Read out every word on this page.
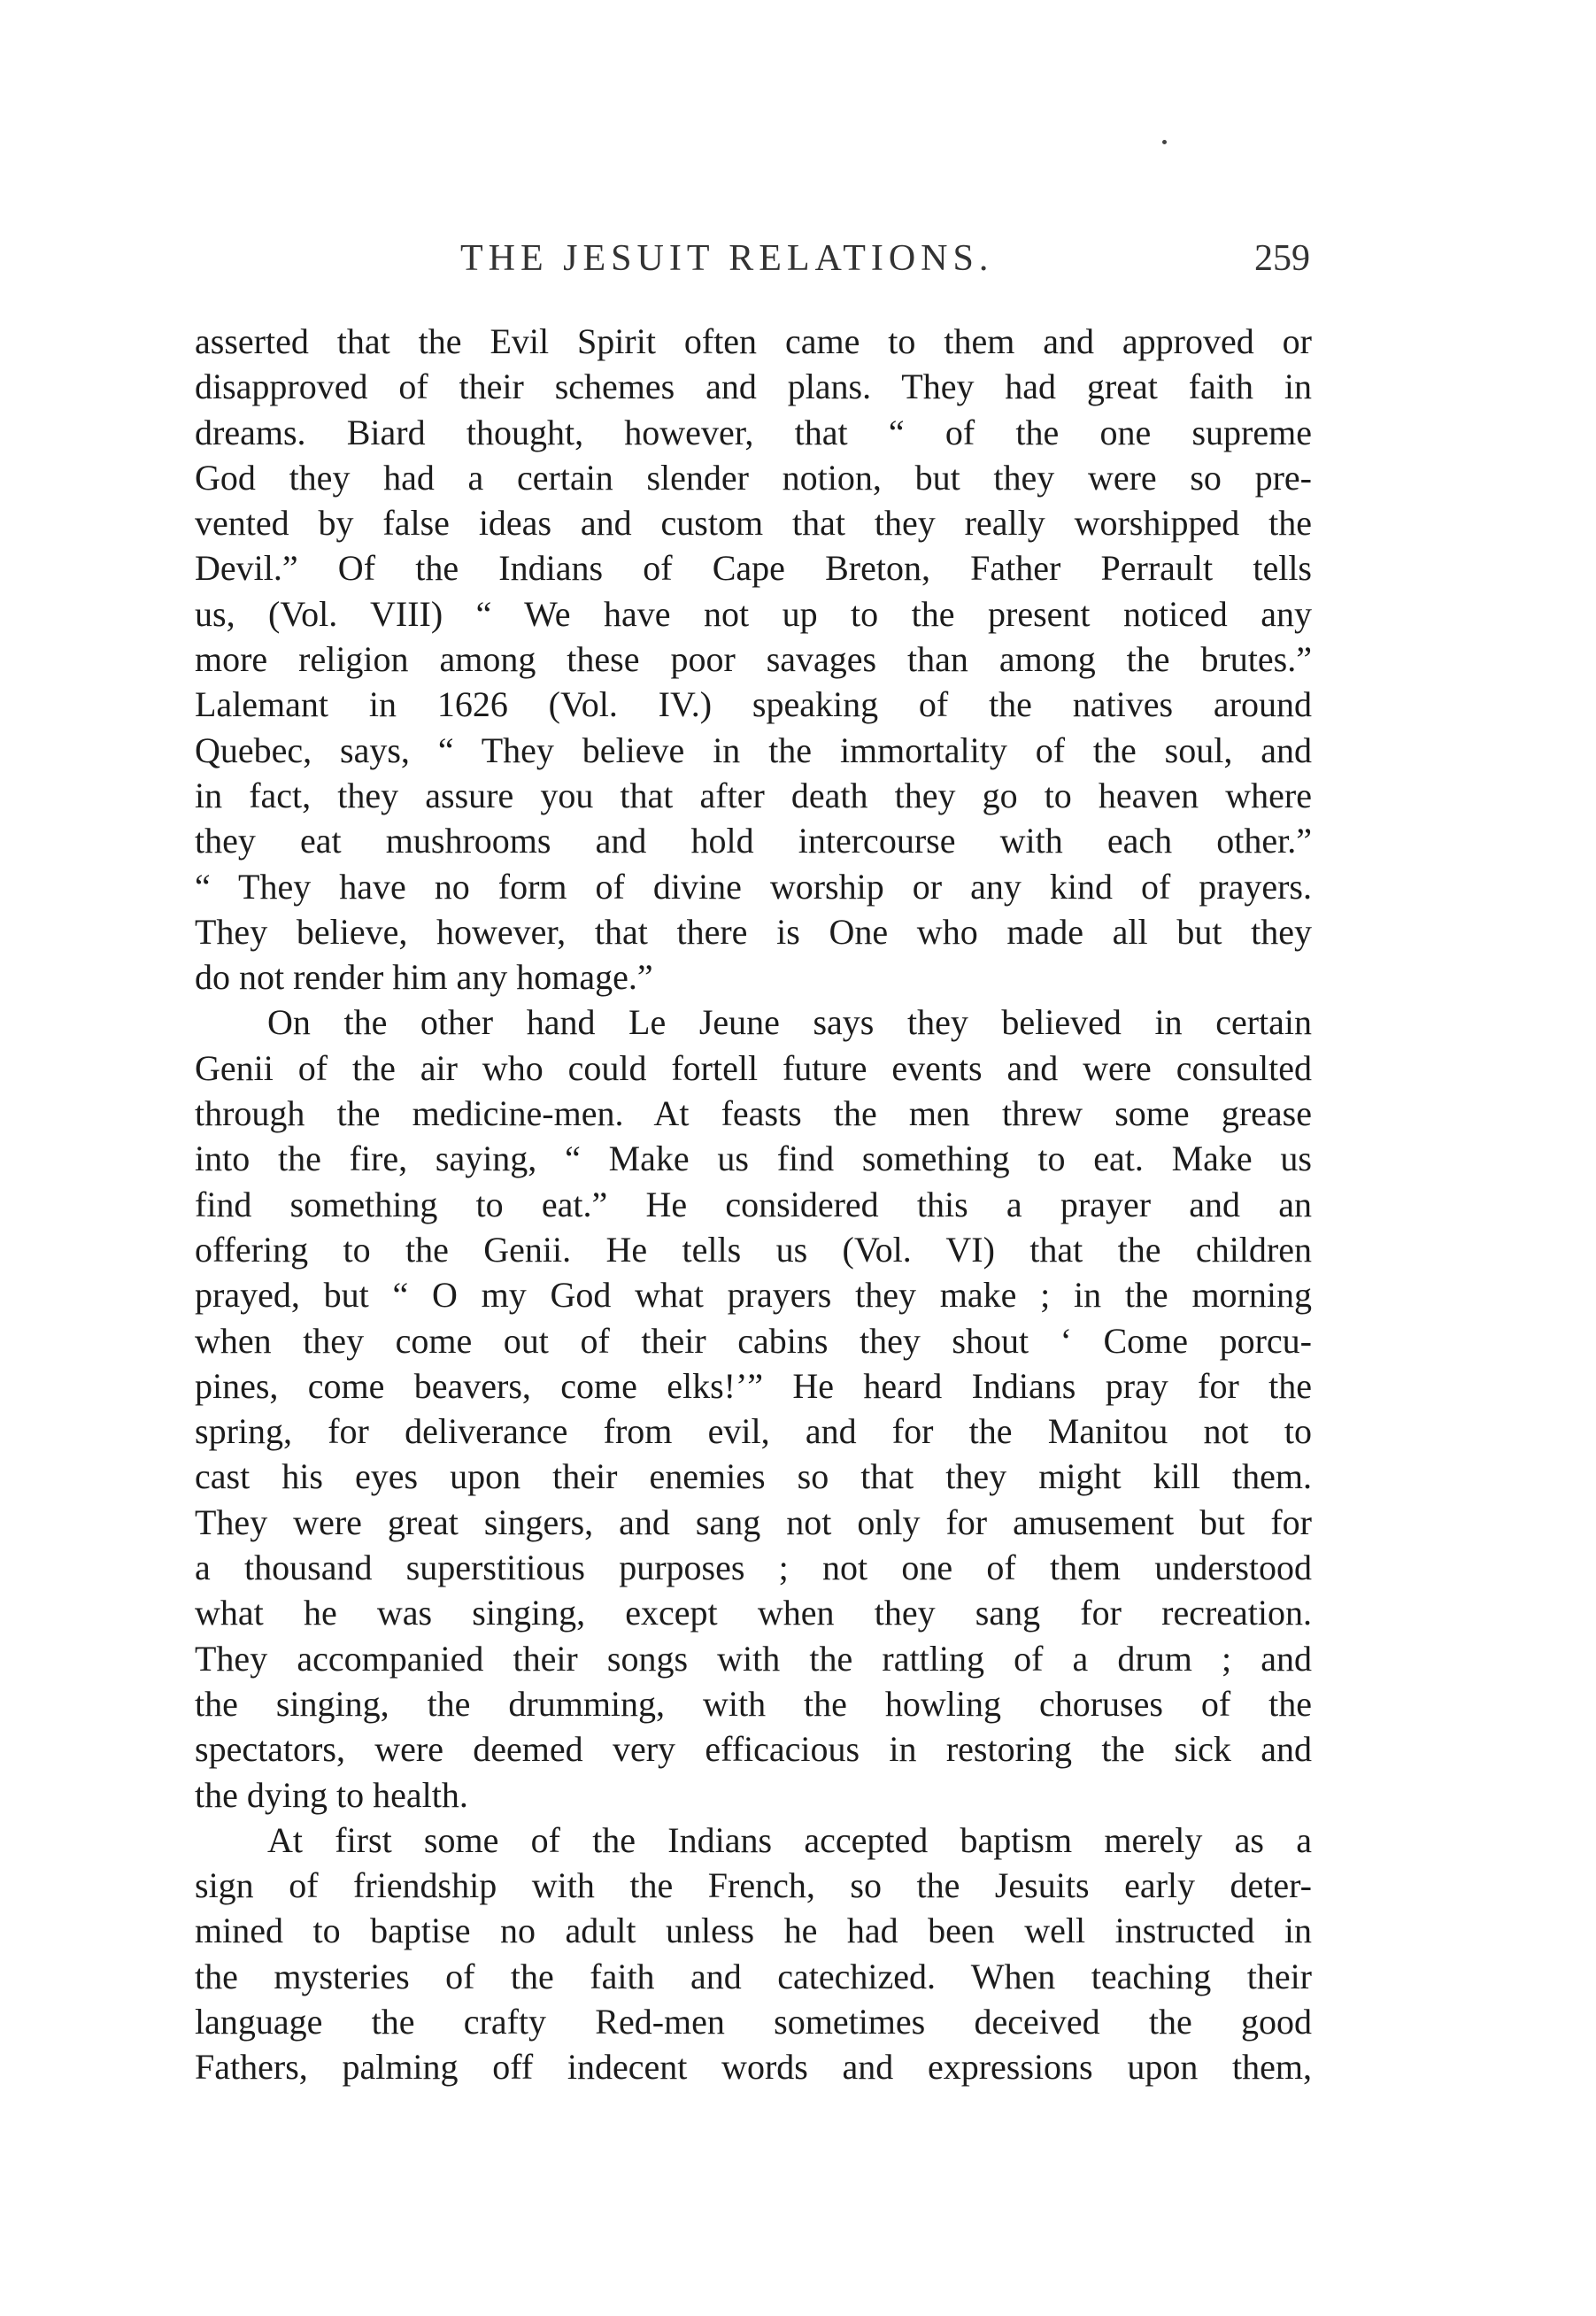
THE JESUIT RELATIONS.	259
asserted that the Evil Spirit often came to them and approved or
disapproved of their schemes and plans. They had great faith in
dreams. Biard thought, however, that “ of the one supreme
God they had a certain slender notion, but they were so pre-
vented by false ideas and custom that they really worshipped the
Devil.” Of the Indians of Cape Breton, Father Perrault tells
us, (Vol. VIII) “ We have not up to the present noticed any
more religion among these poor savages than among the brutes.”
Lalemant in 1626 (Vol. IV.) speaking of the natives around
Quebec, says, “ They believe in the immortality of the soul, and
in fact, they assure you that after death they go to heaven where
they eat mushrooms and hold intercourse with each other.”
“ They have no form of divine worship or any kind of prayers.
They believe, however, that there is One who made all but they
do not render him any homage.”
On the other hand Le Jeune says they believed in certain
Genii of the air who could fortell future events and were consulted
through the medicine-men. At feasts the men threw some grease
into the fire, saying, “ Make us find something to eat. Make us
find something to eat.” He considered this a prayer and an
offering to the Genii. He tells us (Vol. VI) that the children
prayed, but “ O my God what prayers they make ; in the morning
when they come out of their cabins they shout ‘ Come porcu-
pines, come beavers, come elks!’” He heard Indians pray for the
spring, for deliverance from evil, and for the Manitou not to
cast his eyes upon their enemies so that they might kill them.
They were great singers, and sang not only for amusement but for
a thousand superstitious purposes ; not one of them understood
what he was singing, except when they sang for recreation.
They accompanied their songs with the rattling of a drum ; and
the singing, the drumming, with the howling choruses of the
spectators, were deemed very efficacious in restoring the sick and
the dying to health.
At first some of the Indians accepted baptism merely as a
sign of friendship with the French, so the Jesuits early deter-
mined to baptise no adult unless he had been well instructed in
the mysteries of the faith and catechized. When teaching their
language the crafty Red-men sometimes deceived the good
Fathers, palming off indecent words and expressions upon them,
